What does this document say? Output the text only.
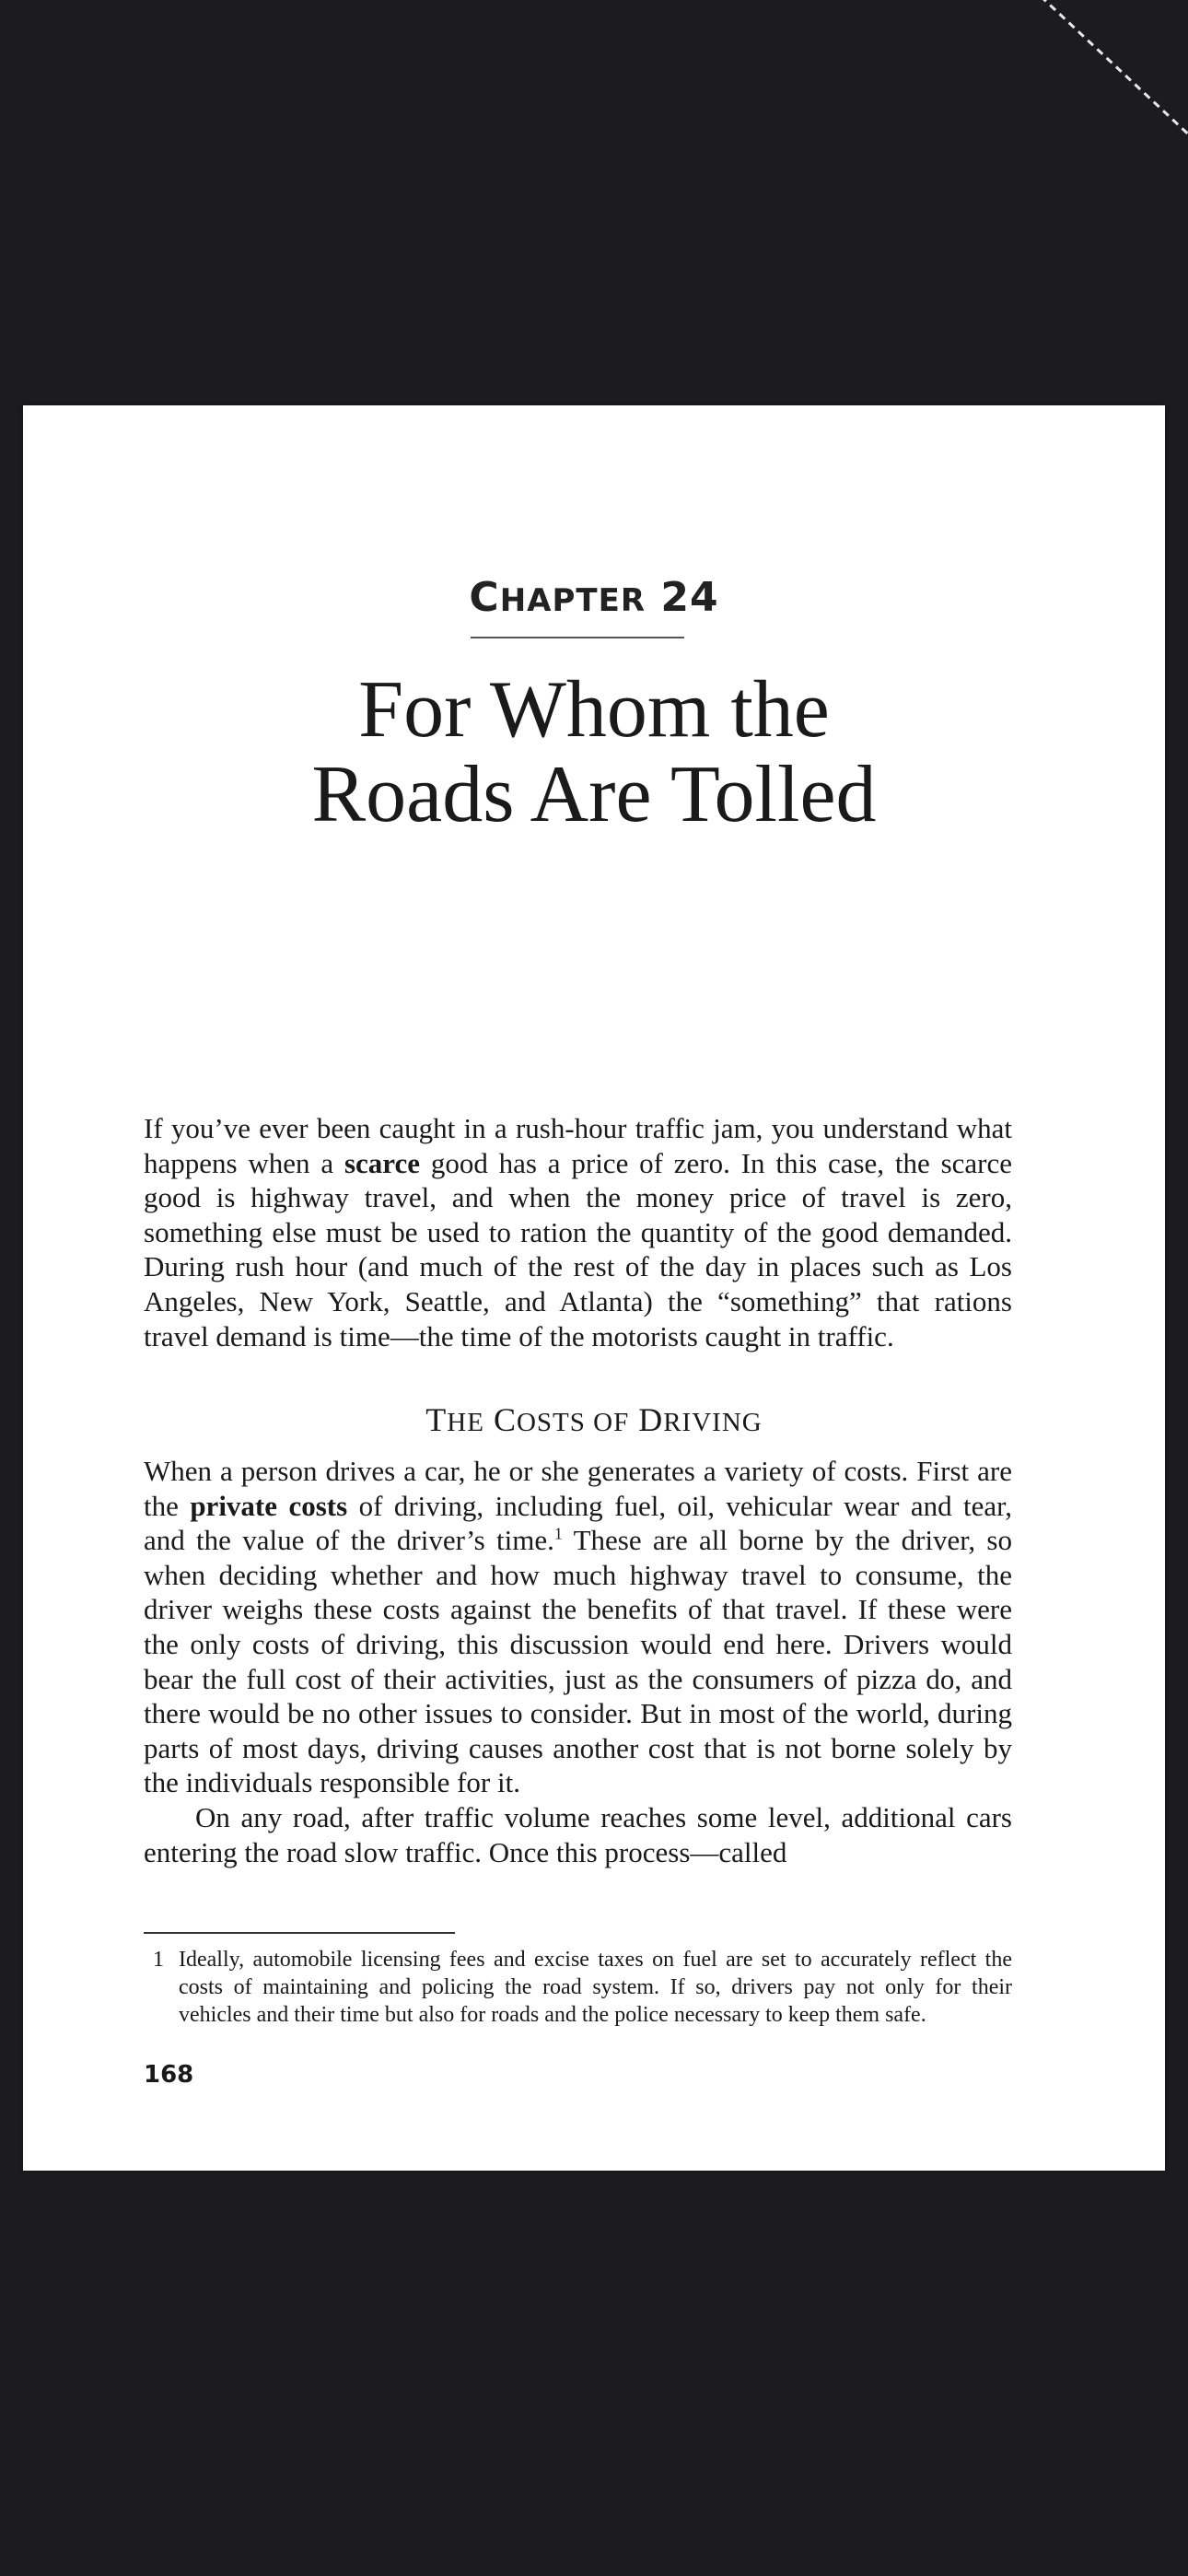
CHAPTER 24
For Whom the
Roads Are Tolled

If you’ve ever been caught in a rush-hour traffic jam, you understand what happens when a scarce good has a price of zero. In this case, the scarce good is highway travel, and when the money price of travel is zero, something else must be used to ration the quantity of the good demanded. During rush hour (and much of the rest of the day in places such as Los Angeles, New York, Seattle, and Atlanta) the “something” that rations travel demand is time—the time of the motorists caught in traffic.

THE COSTS OF DRIVING

When a person drives a car, he or she generates a variety of costs. First are the private costs of driving, including fuel, oil, vehicular wear and tear, and the value of the driver’s time.$^1$ These are all borne by the driver, so when deciding whether and how much highway travel to consume, the driver weighs these costs against the benefits of that travel. If these were the only costs of driving, this discussion would end here. Drivers would bear the full cost of their activities, just as the consumers of pizza do, and there would be no other issues to consider. But in most of the world, during parts of most days, driving causes another cost that is not borne solely by the individuals responsible for it.

On any road, after traffic volume reaches some level, additional cars entering the road slow traffic. Once this process—called

1 Ideally, automobile licensing fees and excise taxes on fuel are set to accurately reflect the costs of maintaining and policing the road system. If so, drivers pay not only for their vehicles and their time but also for roads and the police necessary to keep them safe.
168
